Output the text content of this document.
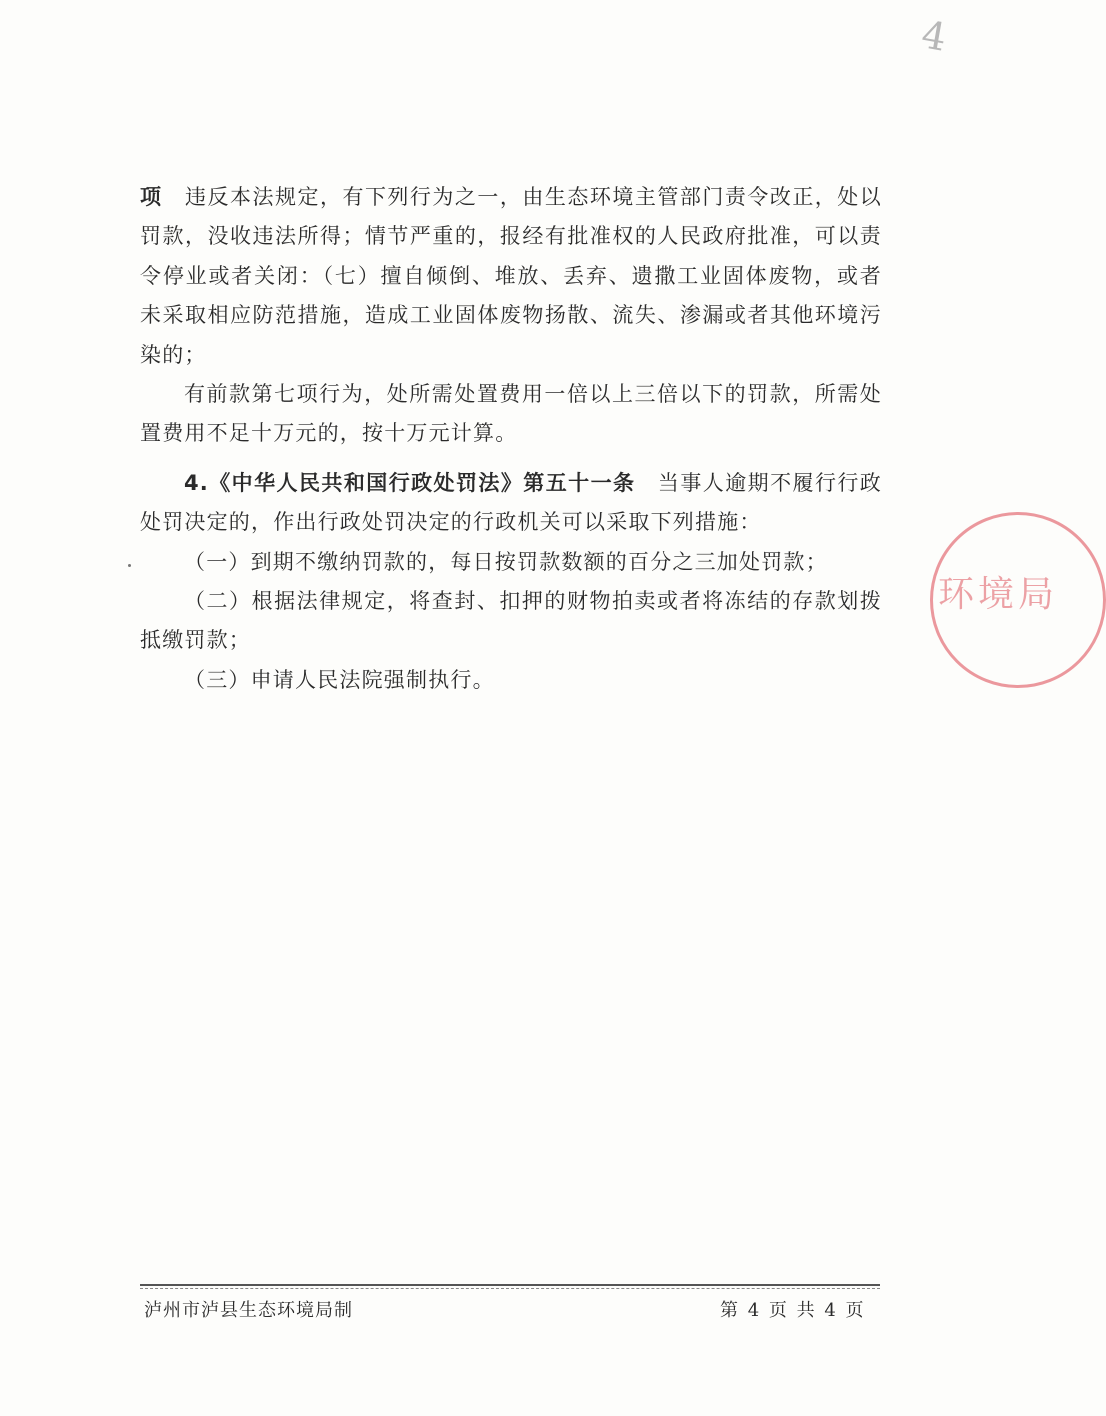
4

项  违反本法规定，有下列行为之一，由生态环境主管部门责令改正，处以罚款，没收违法所得；情节严重的，报经有批准权的人民政府批准，可以责令停业或者关闭：（七）擅自倾倒、堆放、丢弃、遗撒工业固体废物，或者未采取相应防范措施，造成工业固体废物扬散、流失、渗漏或者其他环境污染的；

有前款第七项行为，处所需处置费用一倍以上三倍以下的罚款，所需处置费用不足十万元的，按十万元计算。

4.《中华人民共和国行政处罚法》第五十一条  当事人逾期不履行行政处罚决定的，作出行政处罚决定的行政机关可以采取下列措施：

（一）到期不缴纳罚款的，每日按罚款数额的百分之三加处罚款；

（二）根据法律规定，将查封、扣押的财物拍卖或者将冻结的存款划拨抵缴罚款；

（三）申请人民法院强制执行。

环境局
泸州市泸县生态环境局制	第 4 页 共 4 页
